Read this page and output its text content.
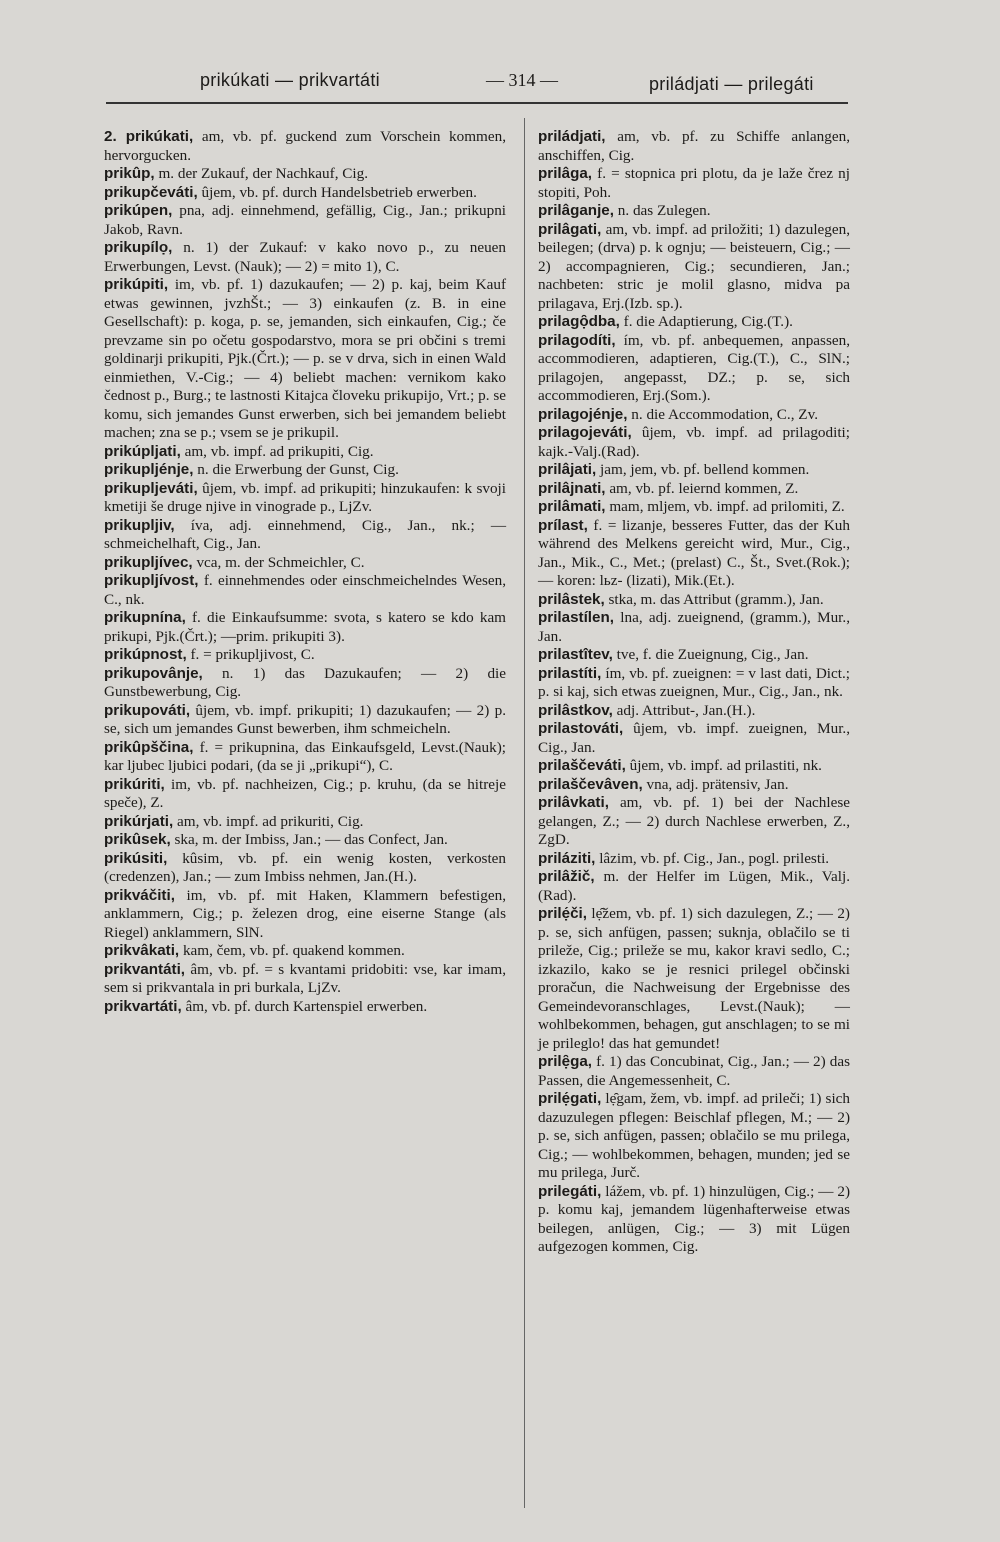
prikúkati — prikvartáti	— 314 —	priládjati — prilegáti

2. prikúkati, am, vb. pf. guckend zum Vorschein kommen, hervorgucken.

prikûp, m. der Zukauf, der Nachkauf, Cig.

prikupčeváti, ûjem, vb. pf. durch Handelsbetrieb erwerben.

prikúpen, pna, adj. einnehmend, gefällig, Cig., Jan.; prikupni Jakob, Ravn.

prikupílọ, n. 1) der Zukauf: v kako novo p., zu neuen Erwerbungen, Levst. (Nauk); — 2) = mito 1), C.

prikúpiti, im, vb. pf. 1) dazukaufen; — 2) p. kaj, beim Kauf etwas gewinnen, jvzhŠt.; — 3) einkaufen (z. B. in eine Gesellschaft): p. koga, p. se, jemanden, sich einkaufen, Cig.; če prevzame sin po očetu gospodarstvo, mora se pri občini s tremi goldinarji prikupiti, Pjk.(Črt.); — p. se v drva, sich in einen Wald einmiethen, V.-Cig.; — 4) beliebt machen: vernikom kako čednost p., Burg.; te lastnosti Kitajca človeku prikupijo, Vrt.; p. se komu, sich jemandes Gunst erwerben, sich bei jemandem beliebt machen; zna se p.; vsem se je prikupil.

prikúpljati, am, vb. impf. ad prikupiti, Cig.

prikupljénje, n. die Erwerbung der Gunst, Cig.

prikupljeváti, ûjem, vb. impf. ad prikupiti; hinzukaufen: k svoji kmetiji še druge njive in vinograde p., LjZv.

prikupljiv, íva, adj. einnehmend, Cig., Jan., nk.; — schmeichelhaft, Cig., Jan.

prikupljívec, vca, m. der Schmeichler, C.

prikupljívost, f. einnehmendes oder einschmeichelndes Wesen, C., nk.

prikupnína, f. die Einkaufsumme: svota, s katero se kdo kam prikupi, Pjk.(Črt.); —prim. prikupiti 3).

prikúpnost, f. = prikupljivost, C.

prikupovânje, n. 1) das Dazukaufen; — 2) die Gunstbewerbung, Cig.

prikupováti, ûjem, vb. impf. prikupiti; 1) dazukaufen; — 2) p. se, sich um jemandes Gunst bewerben, ihm schmeicheln.

prikûpščina, f. = prikupnina, das Einkaufsgeld, Levst.(Nauk); kar ljubec ljubici podari, (da se ji „prikupi“), C.

prikúriti, im, vb. pf. nachheizen, Cig.; p. kruhu, (da se hitreje speče), Z.

prikúrjati, am, vb. impf. ad prikuriti, Cig.

prikûsek, ska, m. der Imbiss, Jan.; — das Confect, Jan.

prikúsiti, kûsim, vb. pf. ein wenig kosten, verkosten (credenzen), Jan.; — zum Imbiss nehmen, Jan.(H.).

prikváčiti, im, vb. pf. mit Haken, Klammern befestigen, anklammern, Cig.; p. železen drog, eine eiserne Stange (als Riegel) anklammern, SlN.

prikvâkati, kam, čem, vb. pf. quakend kommen.

prikvantáti, âm, vb. pf. = s kvantami pridobiti: vse, kar imam, sem si prikvantala in pri burkala, LjZv.

prikvartáti, âm, vb. pf. durch Kartenspiel erwerben.

priládjati, am, vb. pf. zu Schiffe anlangen, anschiffen, Cig.

prilâga, f. = stopnica pri plotu, da je laže črez nj stopiti, Poh.

prilâganje, n. das Zulegen.

prilâgati, am, vb. impf. ad priložiti; 1) dazulegen, beilegen; (drva) p. k ognju; — beisteuern, Cig.; — 2) accompagnieren, Cig.; secundieren, Jan.; nachbeten: stric je molil glasno, midva pa prilagava, Erj.(Izb. sp.).

prilagọ̑dba, f. die Adaptierung, Cig.(T.).

prilagodíti, ím, vb. pf. anbequemen, anpassen, accommodieren, adaptieren, Cig.(T.), C., SlN.; prilagojen, angepasst, DZ.; p. se, sich accommodieren, Erj.(Som.).

prilagojénje, n. die Accommodation, C., Zv.

prilagojeváti, ûjem, vb. impf. ad prilagoditi; kajk.-Valj.(Rad).

prilâjati, jam, jem, vb. pf. bellend kommen.

prilâjnati, am, vb. pf. leiernd kommen, Z.

prilâmati, mam, mljem, vb. impf. ad prilomiti, Z.

prílast, f. = lizanje, besseres Futter, das der Kuh während des Melkens gereicht wird, Mur., Cig., Jan., Mik., C., Met.; (prelast) C., Št., Svet.(Rok.); — koren: lьz- (lizati), Mik.(Et.).

prilâstek, stka, m. das Attribut (gramm.), Jan.

prilastílen, lna, adj. zueignend, (gramm.), Mur., Jan.

prilastîtev, tve, f. die Zueignung, Cig., Jan.

prilastíti, ím, vb. pf. zueignen: = v last dati, Dict.; p. si kaj, sich etwas zueignen, Mur., Cig., Jan., nk.

prilâstkov, adj. Attribut-, Jan.(H.).

prilastováti, ûjem, vb. impf. zueignen, Mur., Cig., Jan.

prilaščeváti, ûjem, vb. impf. ad prilastiti, nk.

prilaščevâven, vna, adj. prätensiv, Jan.

prilâvkati, am, vb. pf. 1) bei der Nachlese gelangen, Z.; — 2) durch Nachlese erwerben, Z., ZgD.

priláziti, lâzim, vb. pf. Cig., Jan., pogl. prilesti.

prilâžič, m. der Helfer im Lügen, Mik., Valj.(Rad).

prilẹ́či, lẹ̑žem, vb. pf. 1) sich dazulegen, Z.; — 2) p. se, sich anfügen, passen; suknja, oblačilo se ti prileže, Cig.; prileže se mu, kakor kravi sedlo, C.; izkazilo, kako se je resnici prilegel občinski proračun, die Nachweisung der Ergebnisse des Gemeindevoranschlages, Levst.(Nauk); — wohlbekommen, behagen, gut anschlagen; to se mi je prileglo! das hat gemundet!

prilẹ̑ga, f. 1) das Concubinat, Cig., Jan.; — 2) das Passen, die Angemessenheit, C.

prilẹ́gati, lẹ̑gam, žem, vb. impf. ad prileči; 1) sich dazuzulegen pflegen: Beischlaf pflegen, M.; — 2) p. se, sich anfügen, passen; oblačilo se mu prilega, Cig.; — wohlbekommen, behagen, munden; jed se mu prilega, Jurč.

prilegáti, lážem, vb. pf. 1) hinzulügen, Cig.; — 2) p. komu kaj, jemandem lügenhafterweise etwas beilegen, anlügen, Cig.; — 3) mit Lügen aufgezogen kommen, Cig.
